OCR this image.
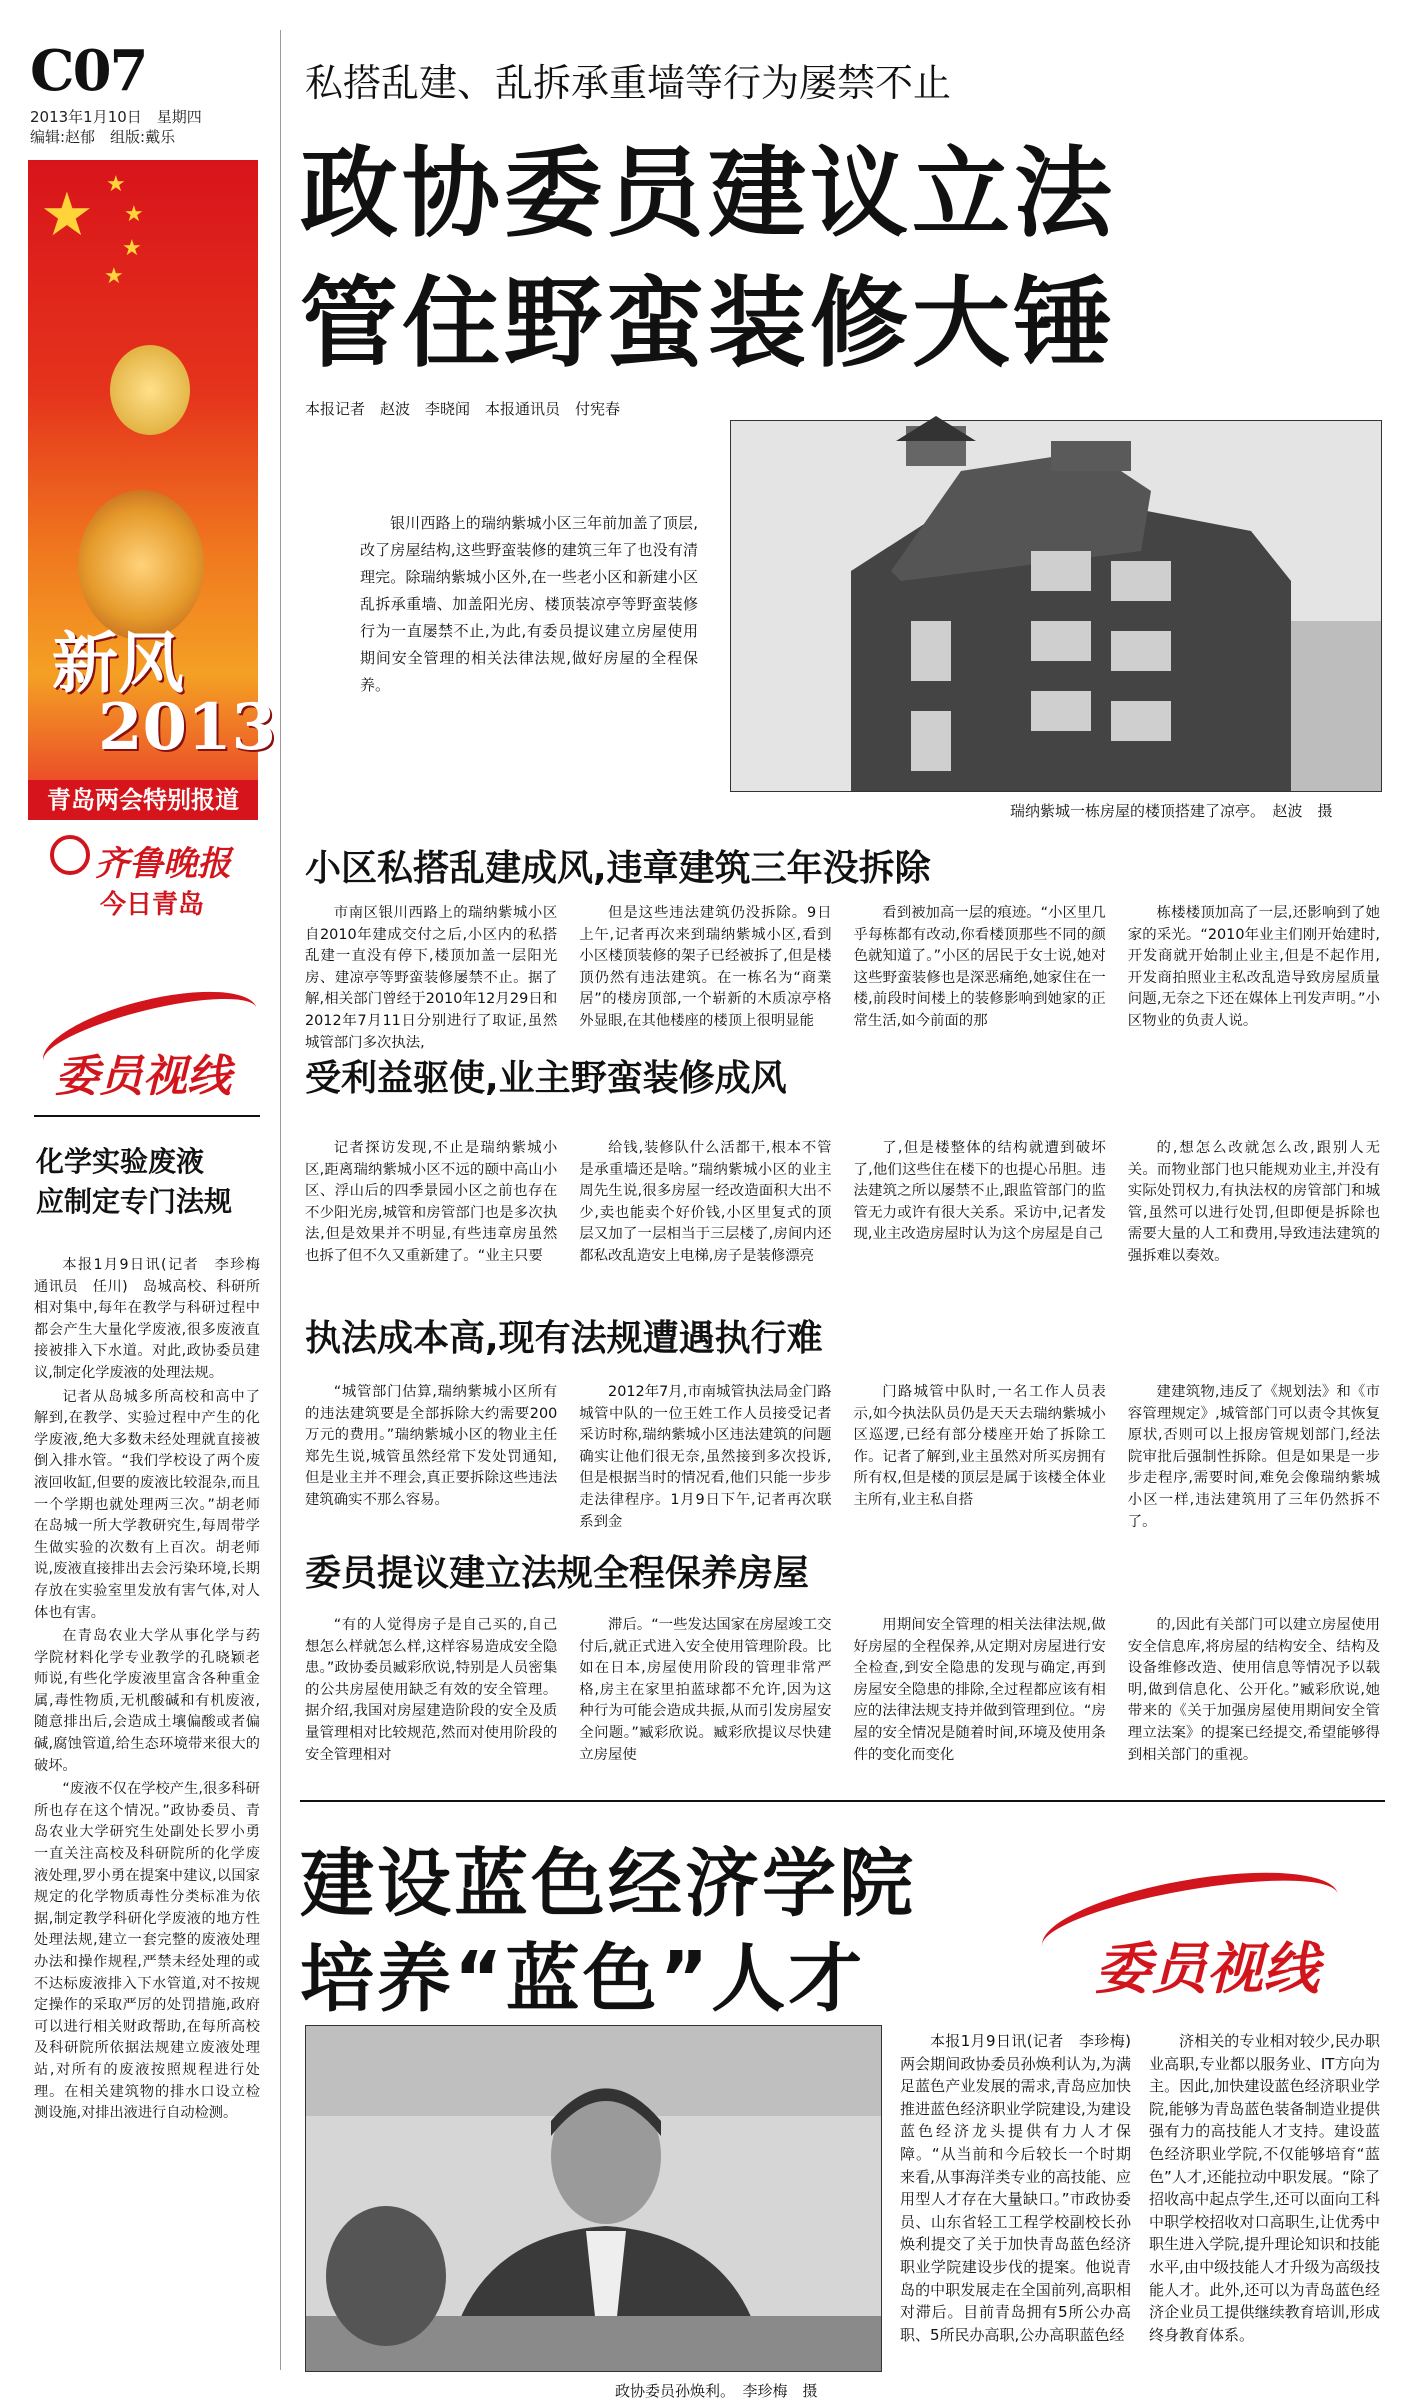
C07
2013年1月10日　星期四
编辑:赵郁　组版:戴乐
★ ★
★
★
★
新风
2013
青岛两会特别报道
齐鲁晚报
今日青岛
委员视线
化学实验废液
应制定专门法规

本报1月9日讯(记者　李珍梅　通讯员　任川)　岛城高校、科研所相对集中,每年在教学与科研过程中都会产生大量化学废液,很多废液直接被排入下水道。对此,政协委员建议,制定化学废液的处理法规。

记者从岛城多所高校和高中了解到,在教学、实验过程中产生的化学废液,绝大多数未经处理就直接被倒入排水管。“我们学校设了两个废液回收缸,但要的废液比较混杂,而且一个学期也就处理两三次。”胡老师在岛城一所大学教研究生,每周带学生做实验的次数有上百次。胡老师说,废液直接排出去会污染环境,长期存放在实验室里发放有害气体,对人体也有害。

在青岛农业大学从事化学与药学院材料化学专业教学的孔晓颖老师说,有些化学废液里富含各种重金属,毒性物质,无机酸碱和有机废液,随意排出后,会造成土壤偏酸或者偏碱,腐蚀管道,给生态环境带来很大的破坏。

“废液不仅在学校产生,很多科研所也存在这个情况。”政协委员、青岛农业大学研究生处副处长罗小勇一直关注高校及科研院所的化学废液处理,罗小勇在提案中建议,以国家规定的化学物质毒性分类标准为依据,制定教学科研化学废液的地方性处理法规,建立一套完整的废液处理办法和操作规程,严禁未经处理的或不达标废液排入下水管道,对不按规定操作的采取严厉的处罚措施,政府可以进行相关财政帮助,在每所高校及科研院所依据法规建立废液处理站,对所有的废液按照规程进行处理。在相关建筑物的排水口设立检测设施,对排出液进行自动检测。

私搭乱建、乱拆承重墙等行为屡禁不止
政协委员建议立法
管住野蛮装修大锤
本报记者　赵波　李晓闻　本报通讯员　付宪春

银川西路上的瑞纳紫城小区三年前加盖了顶层,改了房屋结构,这些野蛮装修的建筑三年了也没有清理完。除瑞纳紫城小区外,在一些老小区和新建小区乱拆承重墙、加盖阳光房、楼顶装凉亭等野蛮装修行为一直屡禁不止,为此,有委员提议建立房屋使用期间安全管理的相关法律法规,做好房屋的全程保养。

瑞纳紫城一栋房屋的楼顶搭建了凉亭。　赵波　摄
小区私搭乱建成风,违章建筑三年没拆除

市南区银川西路上的瑞纳紫城小区自2010年建成交付之后,小区内的私搭乱建一直没有停下,楼顶加盖一层阳光房、建凉亭等野蛮装修屡禁不止。据了解,相关部门曾经于2010年12月29日和2012年7月11日分别进行了取证,虽然城管部门多次执法,

但是这些违法建筑仍没拆除。9日上午,记者再次来到瑞纳紫城小区,看到小区楼顶装修的架子已经被拆了,但是楼顶仍然有违法建筑。在一栋名为“商業居”的楼房顶部,一个崭新的木质凉亭格外显眼,在其他楼座的楼顶上很明显能

看到被加高一层的痕迹。“小区里几乎每栋都有改动,你看楼顶那些不同的颜色就知道了。”小区的居民于女士说,她对这些野蛮装修也是深恶痛绝,她家住在一楼,前段时间楼上的装修影响到她家的正常生活,如今前面的那

栋楼楼顶加高了一层,还影响到了她家的采光。“2010年业主们刚开始建时,开发商就开始制止业主,但是不起作用,开发商拍照业主私改乱造导致房屋质量问题,无奈之下还在媒体上刊发声明。”小区物业的负责人说。

受利益驱使,业主野蛮装修成风

记者探访发现,不止是瑞纳紫城小区,距离瑞纳紫城小区不远的颐中高山小区、浮山后的四季景园小区之前也存在不少阳光房,城管和房管部门也是多次执法,但是效果并不明显,有些违章房虽然也拆了但不久又重新建了。“业主只要

给钱,装修队什么活都干,根本不管是承重墙还是啥。”瑞纳紫城小区的业主周先生说,很多房屋一经改造面积大出不少,卖也能卖个好价钱,小区里复式的顶层又加了一层相当于三层楼了,房间内还都私改乱造安上电梯,房子是装修漂亮

了,但是楼整体的结构就遭到破坏了,他们这些住在楼下的也提心吊胆。违法建筑之所以屡禁不止,跟监管部门的监管无力或许有很大关系。采访中,记者发现,业主改造房屋时认为这个房屋是自己

的,想怎么改就怎么改,跟别人无关。而物业部门也只能规劝业主,并没有实际处罚权力,有执法权的房管部门和城管,虽然可以进行处罚,但即便是拆除也需要大量的人工和费用,导致违法建筑的强拆难以奏效。

执法成本高,现有法规遭遇执行难

“城管部门估算,瑞纳紫城小区所有的违法建筑要是全部拆除大约需要200万元的费用。”瑞纳紫城小区的物业主任郑先生说,城管虽然经常下发处罚通知,但是业主并不理会,真正要拆除这些违法建筑确实不那么容易。

2012年7月,市南城管执法局金门路城管中队的一位王姓工作人员接受记者采访时称,瑞纳紫城小区违法建筑的问题确实让他们很无奈,虽然接到多次投诉,但是根据当时的情况看,他们只能一步步走法律程序。1月9日下午,记者再次联系到金

门路城管中队时,一名工作人员表示,如今执法队员仍是天天去瑞纳紫城小区巡逻,已经有部分楼座开始了拆除工作。记者了解到,业主虽然对所买房拥有所有权,但是楼的顶层是属于该楼全体业主所有,业主私自搭

建建筑物,违反了《规划法》和《市容管理规定》,城管部门可以责令其恢复原状,否则可以上报房管规划部门,经法院审批后强制性拆除。但是如果是一步步走程序,需要时间,难免会像瑞纳紫城小区一样,违法建筑用了三年仍然拆不了。

委员提议建立法规全程保养房屋

“有的人觉得房子是自己买的,自己想怎么样就怎么样,这样容易造成安全隐患。”政协委员臧彩欣说,特别是人员密集的公共房屋使用缺乏有效的安全管理。据介绍,我国对房屋建造阶段的安全及质量管理相对比较规范,然而对使用阶段的安全管理相对

滞后。“一些发达国家在房屋竣工交付后,就正式进入安全使用管理阶段。比如在日本,房屋使用阶段的管理非常严格,房主在家里拍蓝球都不允许,因为这种行为可能会造成共振,从而引发房屋安全问题。”臧彩欣说。臧彩欣提议尽快建立房屋使

用期间安全管理的相关法律法规,做好房屋的全程保养,从定期对房屋进行安全检查,到安全隐患的发现与确定,再到房屋安全隐患的排除,全过程都应该有相应的法律法规支持并做到管理到位。“房屋的安全情况是随着时间,环境及使用条件的变化而变化

的,因此有关部门可以建立房屋使用安全信息库,将房屋的结构安全、结构及设备维修改造、使用信息等情况予以载明,做到信息化、公开化。”臧彩欣说,她带来的《关于加强房屋使用期间安全管理立法案》的提案已经提交,希望能够得到相关部门的重视。

建设蓝色经济学院
培养“蓝色”人才	委员视线
政协委员孙焕利。　李珍梅　摄

本报1月9日讯(记者　李珍梅)　两会期间政协委员孙焕利认为,为满足蓝色产业发展的需求,青岛应加快推进蓝色经济职业学院建设,为建设蓝色经济龙头提供有力人才保障。“从当前和今后较长一个时期来看,从事海洋类专业的高技能、应用型人才存在大量缺口。”市政协委员、山东省轻工工程学校副校长孙焕利提交了关于加快青岛蓝色经济职业学院建设步伐的提案。他说青岛的中职发展走在全国前列,高职相对滞后。目前青岛拥有5所公办高职、5所民办高职,公办高职蓝色经

济相关的专业相对较少,民办职业高职,专业都以服务业、IT方向为主。因此,加快建设蓝色经济职业学院,能够为青岛蓝色装备制造业提供强有力的高技能人才支持。建设蓝色经济职业学院,不仅能够培育“蓝色”人才,还能拉动中职发展。“除了招收高中起点学生,还可以面向工科中职学校招收对口高职生,让优秀中职生进入学院,提升理论知识和技能水平,由中级技能人才升级为高级技能人才。此外,还可以为青岛蓝色经济企业员工提供继续教育培训,形成终身教育体系。
